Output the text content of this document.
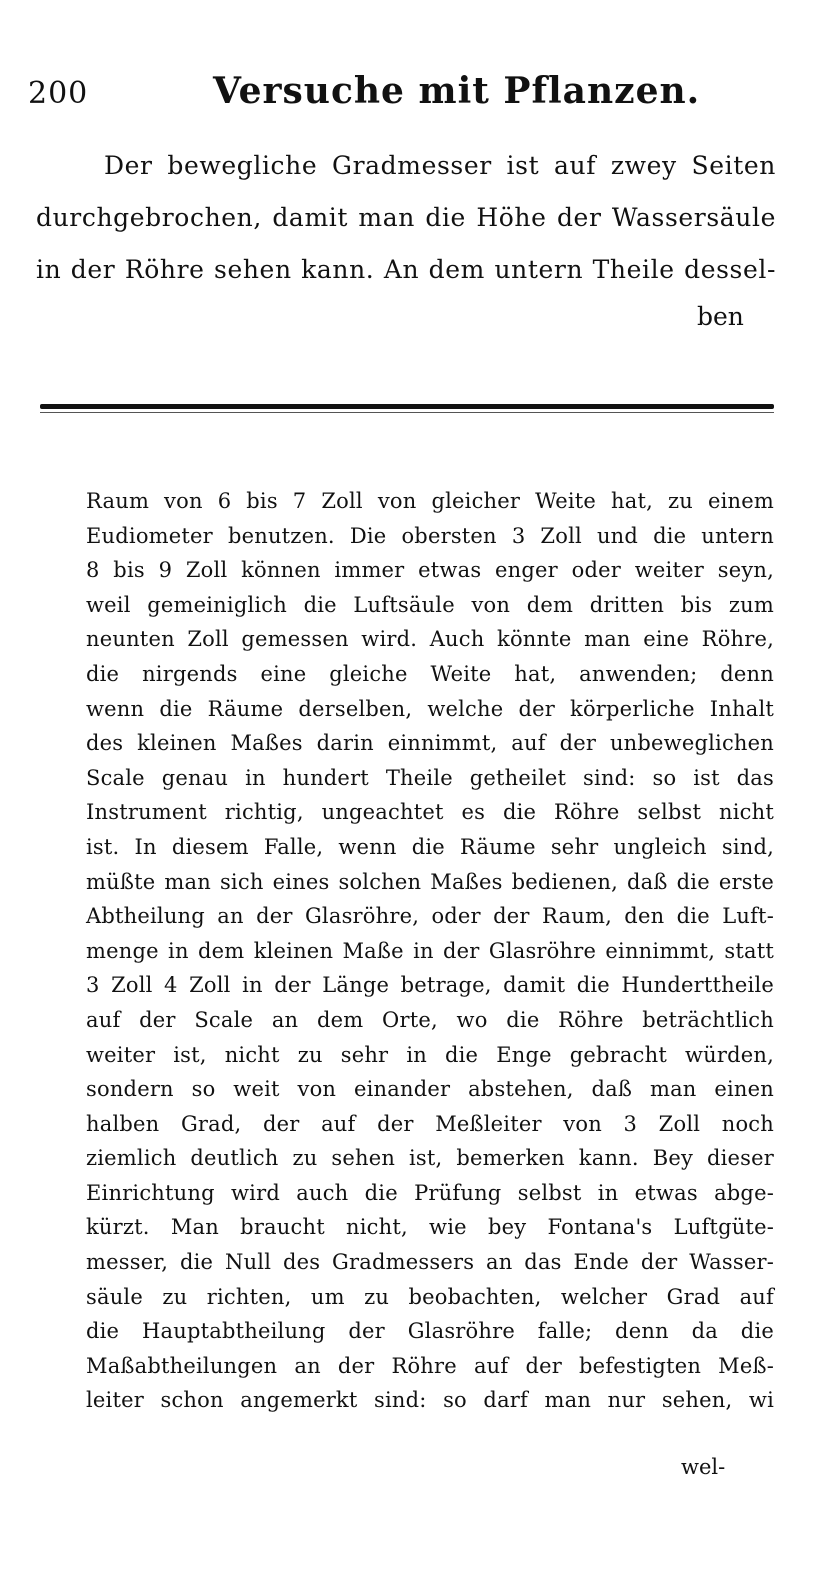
200	Versuche mit Pflanzen.
Der bewegliche Gradmesser ist auf zwey Seiten
durchgebrochen, damit man die Höhe der Wassersäule
in der Röhre sehen kann. An dem untern Theile dessel-
ben
Raum von 6 bis 7 Zoll von gleicher Weite hat, zu einem
Eudiometer benutzen. Die obersten 3 Zoll und die untern
8 bis 9 Zoll können immer etwas enger oder weiter seyn,
weil gemeiniglich die Luftsäule von dem dritten bis zum
neunten Zoll gemessen wird. Auch könnte man eine Röhre,
die nirgends eine gleiche Weite hat, anwenden; denn
wenn die Räume derselben, welche der körperliche Inhalt
des kleinen Maßes darin einnimmt, auf der unbeweglichen
Scale genau in hundert Theile getheilet sind: so ist das
Instrument richtig, ungeachtet es die Röhre selbst nicht
ist. In diesem Falle, wenn die Räume sehr ungleich sind,
müßte man sich eines solchen Maßes bedienen, daß die erste
Abtheilung an der Glasröhre, oder der Raum, den die Luft-
menge in dem kleinen Maße in der Glasröhre einnimmt, statt
3 Zoll 4 Zoll in der Länge betrage, damit die Hunderttheile
auf der Scale an dem Orte, wo die Röhre beträchtlich
weiter ist, nicht zu sehr in die Enge gebracht würden,
sondern so weit von einander abstehen, daß man einen
halben Grad, der auf der Meßleiter von 3 Zoll noch
ziemlich deutlich zu sehen ist, bemerken kann. Bey dieser
Einrichtung wird auch die Prüfung selbst in etwas abge-
kürzt. Man braucht nicht, wie bey Fontana's Luftgüte-
messer, die Null des Gradmessers an das Ende der Wasser-
säule zu richten, um zu beobachten, welcher Grad auf
die Hauptabtheilung der Glasröhre falle; denn da die
Maßabtheilungen an der Röhre auf der befestigten Meß-
leiter schon angemerkt sind: so darf man nur sehen, wi
wel-
